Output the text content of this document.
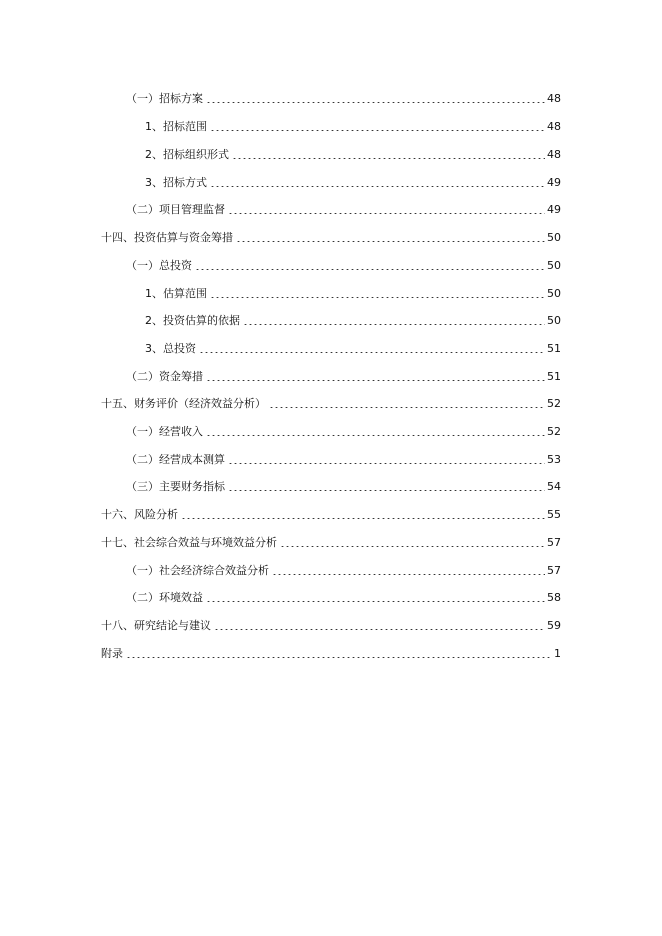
（一）招标方案	48
1、招标范围	48
2、招标组织形式	48
3、招标方式	49
（二）项目管理监督	49
十四、投资估算与资金筹措	50
（一）总投资	50
1、估算范围	50
2、投资估算的依据	50
3、总投资	51
（二）资金筹措	51
十五、财务评价（经济效益分析）	52
（一）经营收入	52
（二）经营成本测算	53
（三）主要财务指标	54
十六、风险分析	55
十七、社会综合效益与环境效益分析	57
（一）社会经济综合效益分析	57
（二）环境效益	58
十八、研究结论与建议	59
附录	1
